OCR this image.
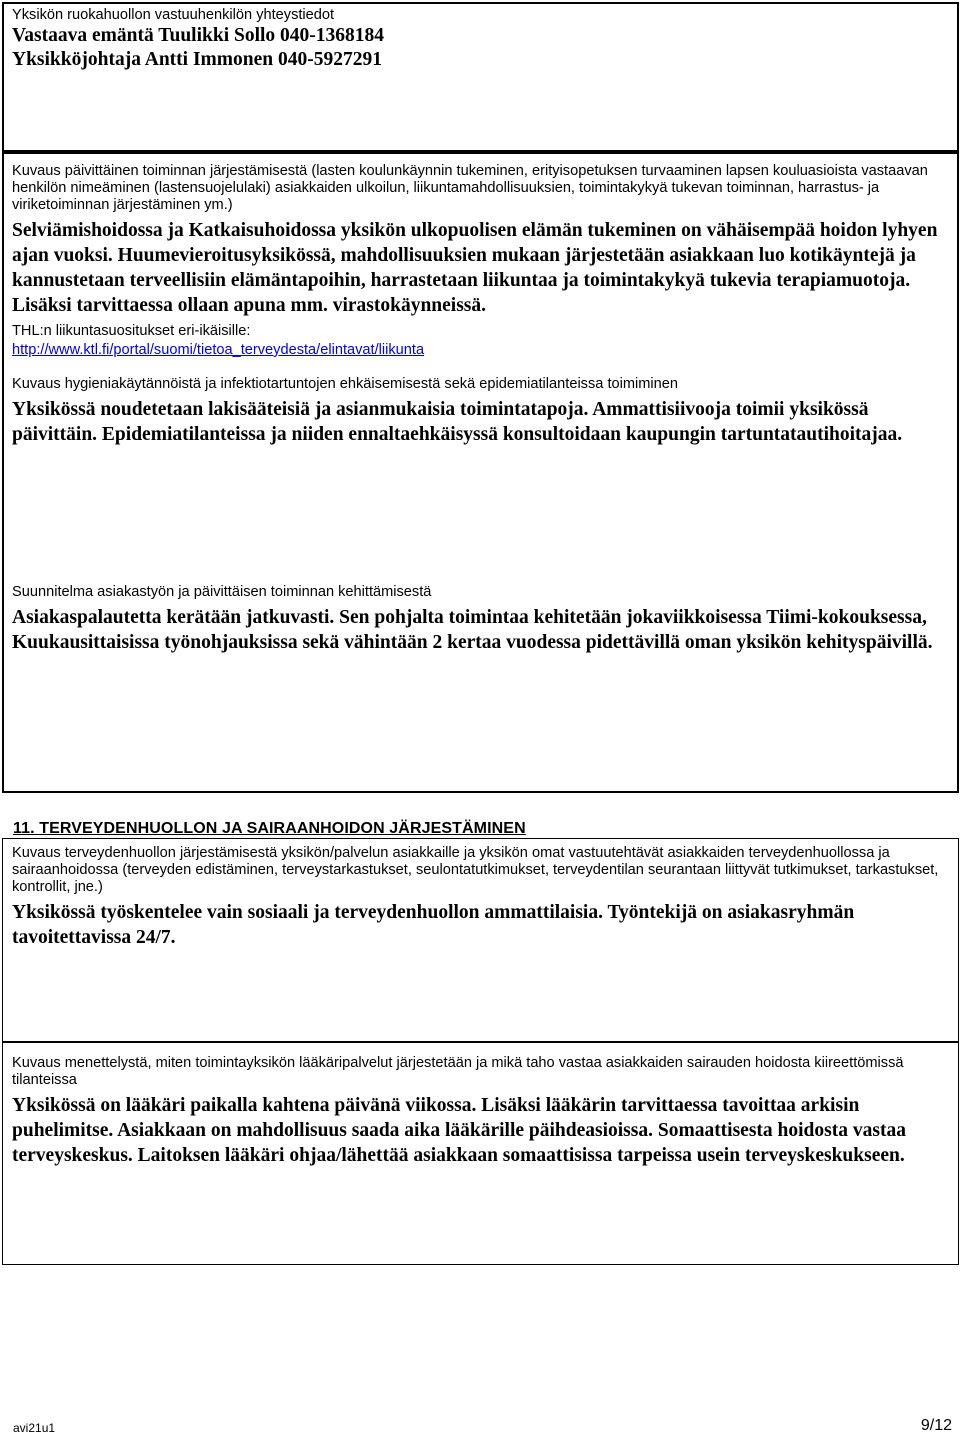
Yksikön ruokahuollon vastuuhenkilön yhteystiedot

Vastaava emäntä Tuulikki Sollo 040-1368184

Yksikköjohtaja Antti Immonen 040-5927291

Kuvaus päivittäinen toiminnan järjestämisestä (lasten koulunkäynnin tukeminen, erityisopetuksen turvaaminen lapsen kouluasioista vastaavan henkilön nimeäminen (lastensuojelulaki) asiakkaiden ulkoilun, liikuntamahdollisuuksien, toimintakykyä tukevan toiminnan, harrastus- ja viriketoiminnan järjestäminen ym.)

Selviämishoidossa ja Katkaisuhoidossa yksikön ulkopuolisen elämän tukeminen on vähäisempää hoidon lyhyen ajan vuoksi. Huumevieroitusyksikössä, mahdollisuuksien mukaan järjestetään asiakkaan luo kotikäyntejä ja kannustetaan terveellisiin elämäntapoihin, harrastetaan liikuntaa ja toimintakykyä tukevia terapiamuotoja. Lisäksi tarvittaessa ollaan apuna mm. virastokäynneissä.

THL:n liikuntasuositukset eri-ikäisille:

http://www.ktl.fi/portal/suomi/tietoa_terveydesta/elintavat/liikunta

Kuvaus hygieniakäytännöistä ja infektiotartuntojen ehkäisemisestä sekä epidemiatilanteissa toimiminen

Yksikössä noudetetaan lakisääteisiä ja asianmukaisia toimintatapoja. Ammattisiivooja toimii yksikössä päivittäin. Epidemiatilanteissa ja niiden ennaltaehkäisyssä konsultoidaan kaupungin tartuntatautihoitajaa.

Suunnitelma asiakastyön ja päivittäisen toiminnan kehittämisestä

Asiakaspalautetta kerätään jatkuvasti. Sen pohjalta toimintaa kehitetään jokaviikkoisessa Tiimi-kokouksessa, Kuukausittaisissa työnohjauksissa sekä vähintään 2 kertaa vuodessa pidettävillä oman yksikön kehityspäivillä.

11. TERVEYDENHUOLLON JA SAIRAANHOIDON JÄRJESTÄMINEN

Kuvaus terveydenhuollon järjestämisestä yksikön/palvelun asiakkaille ja yksikön omat vastuutehtävät asiakkaiden terveydenhuollossa ja sairaanhoidossa (terveyden edistäminen, terveystarkastukset, seulontatutkimukset, terveydentilan seurantaan liittyvät tutkimukset, tarkastukset, kontrollit, jne.)

Yksikössä työskentelee vain sosiaali ja terveydenhuollon ammattilaisia. Työntekijä on asiakasryhmän tavoitettavissa 24/7.

Kuvaus menettelystä, miten toimintayksikön lääkäripalvelut järjestetään ja mikä taho vastaa asiakkaiden sairauden hoidosta kiireettömissä tilanteissa

Yksikössä on lääkäri paikalla kahtena päivänä viikossa. Lisäksi lääkärin tarvittaessa tavoittaa arkisin puhelimitse. Asiakkaan on mahdollisuus saada aika lääkärille päihdeasioissa. Somaattisesta hoidosta vastaa terveyskeskus. Laitoksen lääkäri ohjaa/lähettää asiakkaan somaattisissa tarpeissa usein terveyskeskukseen.

avi21u1	9/12
